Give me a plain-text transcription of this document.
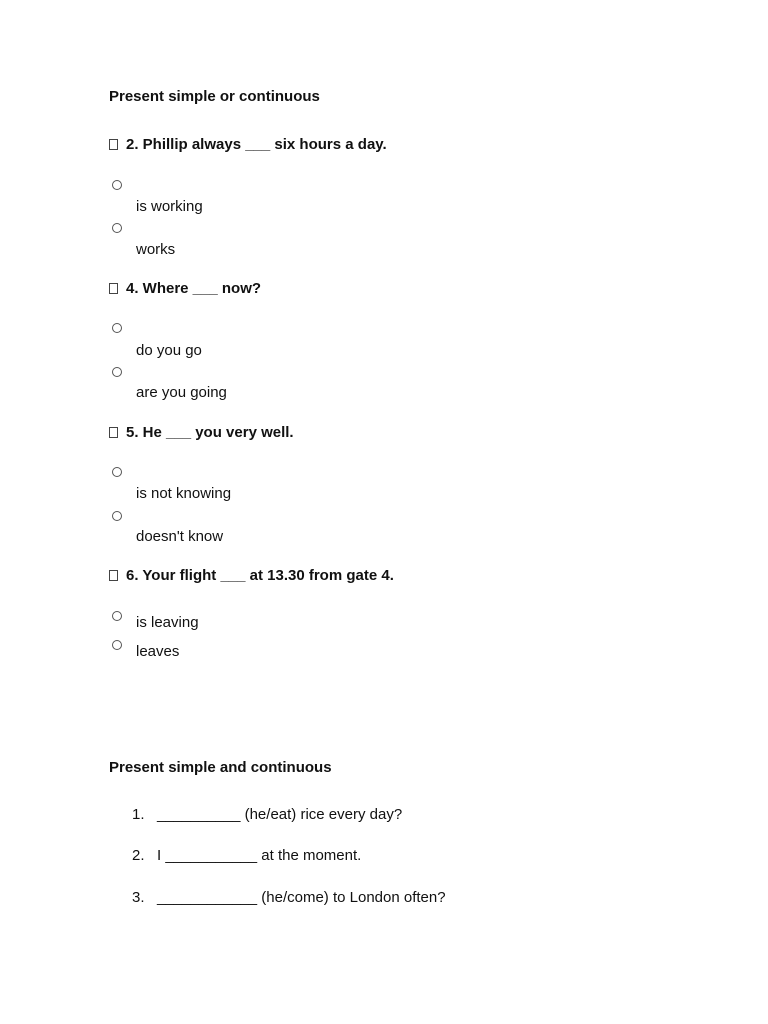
Present simple or continuous
2. Phillip always ___ six hours a day.
is working
works
4. Where ___ now?
do you go
are you going
5. He ___ you very well.
is not knowing
doesn't know
6. Your flight ___ at 13.30 from gate 4.
is leaving
leaves
Present simple and continuous
1. __________ (he/eat) rice every day?
2. I ___________ at the moment.
3. ____________ (he/come) to London often?
